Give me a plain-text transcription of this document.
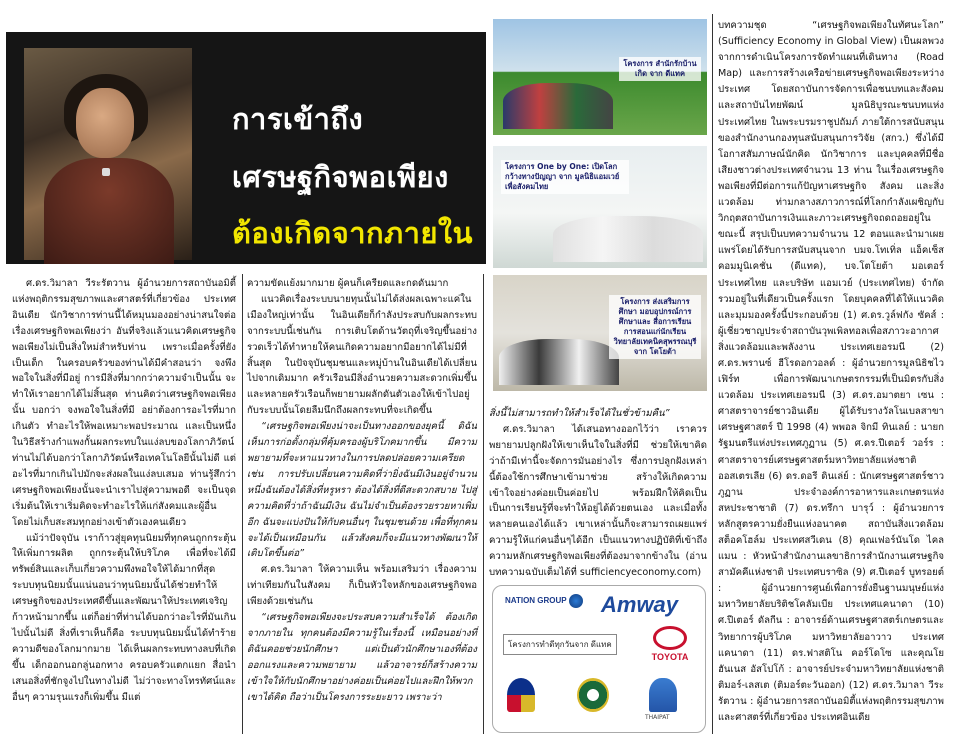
การเข้าถึง
เศรษฐกิจพอเพียง
ต้องเกิดจากภายใน
โครงการ สำนักรักบ้านเกิด จาก ดีแทค
โครงการ One by One: เปิดโลกกว้างทางปัญญา จาก มูลนิธิแอมเวย์ เพื่อสังคมไทย
โครงการ ส่งเสริมการศึกษา มอบอุปกรณ์การศึกษาและ สื่อการเรียน การสอนแก่นักเรียน วิทยาลัยเทคนิคสุพรรณบุรี จาก โตโยต้า

ศ.ดร.วิมาลา วีระรัตวาน ผู้อำนวยการสถาบันอมิตี้ แห่งพฤติกรรมสุขภาพและศาสตร์ที่เกี่ยวข้อง ประเทศอินเดีย นักวิชาการท่านนี้ได้หมุนมองอย่างน่าสนใจต่อเรื่องเศรษฐกิจพอเพียงว่า อันที่จริงแล้วแนวคิดเศรษฐกิจพอเพียงไม่เป็นสิ่งใหม่สำหรับท่าน เพราะเมื่อครั้งที่ยังเป็นเด็ก ในครอบครัวของท่านได้มีคำสอนว่า จงพึงพอใจในสิ่งที่มีอยู่ การมีสิ่งที่มากกว่าความจำเป็นนั้น จะทำให้เราอยากได้ไม่สิ้นสุด ท่านคิดว่าเศรษฐกิจพอเพียงนั้น บอกว่า จงพอใจในสิ่งที่มี อย่าต้องการอะไรที่มากเกินตัว ทำอะไรให้พอเหมาะพอประมาณ และเป็นหนึ่งในวิธีสร้างกำแพงกั้นผลกระทบในแง่ลบของโลกาภิวัตน์ ท่านไม่ได้บอกว่าโลกาภิวัตน์หรือเทคโนโลยีนั้นไม่ดี แต่อะไรที่มากเกินไปมักจะส่งผลในแง่ลบเสมอ ท่านรู้สึกว่าเศรษฐกิจพอเพียงนั้นจะนำเราไปสู่ความพอดี จะเป็นจุดเริ่มต้นให้เราเริ่มคิดจะทำอะไรให้แก่สังคมและผู้อื่น โดยไม่เก็บสะสมทุกอย่างเข้าตัวเองคนเดียว

แม้ว่าปัจจุบัน เราก้าวสู่ยุคทุนนิยมที่ทุกคนถูกกระตุ้นให้เพิ่มการผลิต ถูกกระตุ้นให้บริโภค เพื่อที่จะได้มีทรัพย์สินและเก็บเกี่ยวความพึงพอใจให้ได้มากที่สุด ระบบทุนนิยมนั้นแน่นอนว่าทุนนิยมนั้นได้ช่วยทำให้เศรษฐกิจของประเทศดีขึ้นและพัฒนาให้ประเทศเจริญก้าวหน้ามากขึ้น แต่ก็อย่าที่ท่านได้บอกว่าอะไรที่มันเกินไปนั้นไม่ดี สิ่งที่เราเห็นก็คือ ระบบทุนนิยมนั้นได้ทำร้ายความดีของโลกมากมาย ได้เห็นผลกระทบทางลบที่เกิดขึ้น เด็กออกนอกลู่นอกทาง ครอบครัวแตกแยก สื่อนำเสนอสิ่งที่ชักจูงไปในทางไม่ดี ไม่ว่าจะทางโทรทัศน์และอื่นๆ ความรุนแรงก็เพิ่มขึ้น มีแต่

ความขัดแย้งมากมาย ผู้คนก็เครียดและกดดันมาก

แนวคิดเรื่องระบบนายทุนนั้นไม่ได้ส่งผลเฉพาะแค่ในเมืองใหญ่เท่านั้น ในอินเดียก็กำลังประสบกับผลกระทบจากระบบนี้เช่นกัน การเติบโตด้านวัตถุที่เจริญขึ้นอย่างรวดเร็วได้ทำหายให้คนเกิดความอยากมีอยากได้ไม่มีที่สิ้นสุด ในปัจจุบันชุมชนและหมู่บ้านในอินเดียได้เปลี่ยนไปจากเดิมมาก ครัวเรือนมีสิ่งอำนวยความสะดวกเพิ่มขึ้น และหลายครัวเรือนก็พยายามผลักดันตัวเองให้เข้าไปอยู่กับระบบนั้นโดยลืมนึกถึงผลกระทบที่จะเกิดขึ้น

“เศรษฐกิจพอเพียงน่าจะเป็นทางออกของยุคนี้ ดิฉันเห็นการก่อตั้งกลุ่มที่คุ้มครองผู้บริโภคมากขึ้น มีความพยายามที่จะหาแนวทางในการปลดปล่อยความเครียด เช่น การปรับเปลี่ยนความคิดที่ว่ายิ่งฉันมีเงินอยู่จำนวนหนึ่งฉันต้องได้สิ่งที่หรูหรา ต้องได้สิ่งที่ดีสะดวกสบาย ไปสู่ความคิดที่ว่าถ้าฉันมีเงิน ฉันไม่จำเป็นต้องรวยรวยหาเพิ่มอีก ฉันจะแบ่งปันให้กับคนอื่นๆ ในชุมชนด้วย เพื่อที่ทุกคนจะได้เป็นเหมือนกัน แล้วสังคมก็จะมีแนวทางพัฒนาให้เติบโตขึ้นต่อ”

ศ.ดร.วิมาลา ให้ความเห็น พร้อมเสริมว่า เรื่องความเท่าเทียมกันในสังคม ก็เป็นหัวใจหลักของเศรษฐกิจพอเพียงด้วยเช่นกัน

“เศรษฐกิจพอเพียงจะประสบความสำเร็จได้ ต้องเกิดจากภายใน ทุกคนต้องมีความรู้ในเรื่องนี้ เหมือนอย่างที่ดิฉันคอยช่วยนักศึกษา แต่เป็นตัวนักศึกษาเองที่ต้องออกแรงและความพยายาม แล้วอาจารย์ก็สร้างความเข้าใจให้กับนักศึกษาอย่างค่อยเป็นค่อยไปและฝึกให้พวกเขาได้คิด ถือว่าเป็นโครงการระยะยาว เพราะว่า

สิ่งนี้ไม่สามารถทำให้สำเร็จได้ในชั่วข้ามคืน”

ศ.ดร.วิมาลา ได้เสนอทางออกไว้ว่า เราควรพยายามปลูกฝังให้เขาเห็นใจในสิ่งที่มี ช่วยให้เขาคิดว่าถ้ามีเท่านี้จะจัดการมันอย่างไร ซึ่งการปลูกฝังเหล่านี้ต้องใช้การศึกษาเข้ามาช่วย สร้างให้เกิดความเข้าใจอย่างค่อยเป็นค่อยไป พร้อมฝึกให้คิดเป็น เป็นการเรียนรู้ที่จะทำให้อยู่ได้ด้วยตนเอง และเมื่อทั้งหลายคนเองได้แล้ว เขาเหล่านั้นก็จะสามารถเผยแพร่ความรู้ให้แก่คนอื่นๆได้อีก เป็นแนวทางปฏิบัติที่เข้าถึงความหลักเศรษฐกิจพอเพียงที่ต้องมาจากข้างใน (อ่านบทความฉบับเต็มได้ที่ sufficiencyeconomy.com)

บทความชุด “เศรษฐกิจพอเพียงในทัศนะโลก” (Sufficiency Economy in Global View) เป็นผลพวงจากการดำเนินโครงการจัดทำแผนที่เดินทาง (Road Map) และการสร้างเครือข่ายเศรษฐกิจพอเพียงระหว่างประเทศ โดยสถาบันการจัดการเพื่อชนบทและสังคม และสถาบันไทยพัฒน์ มูลนิธิบูรณะชนบทแห่งประเทศไทย ในพระบรมราชูปถัมภ์ ภายใต้การสนับสนุนของสำนักงานกองทุนสนับสนุนการวิจัย (สกว.) ซึ่งได้มีโอกาสสัมภาษณ์นักคิด นักวิชาการ และบุคคลที่มีชื่อเสียงชาวต่างประเทศจำนวน 13 ท่าน ในเรื่องเศรษฐกิจพอเพียงที่มีต่อการแก้ปัญหาเศรษฐกิจ สังคม และสิ่งแวดล้อม ท่ามกลางสภาวการณ์ที่โลกกำลังเผชิญกับวิกฤตสถาบันการเงินและภาวะเศรษฐกิจถดถอยอยู่ในขณะนี้ สรุปเป็นบทความจำนวน 12 ตอนและนำมาเผยแพร่โดยได้รับการสนับสนุนจาก บมจ.โทเทิ่ล แอ็คเซ็ส คอมมูนิเคชั่น (ดีแทค), บจ.โตโยต้า มอเตอร์ ประเทศไทย และบริษัท แอมเวย์ (ประเทศไทย) จำกัด รวมอยู่ในที่เดียวเป็นครั้งแรก โดยบุคคลที่ได้ให้แนวคิดและมุมมองครั้งนี้ประกอบด้วย (1) ศ.ดร.วูล์ฟกัง ซัคส์ : ผู้เชี่ยวชาญประจำสถาบันวุพเพิลทอลเพื่อสภาวะอากาศสิ่งแวดล้อมและพลังงาน ประเทศเยอรมนี (2) ศ.ดร.พรานซ์ ฮีโรดอกวอลด์ : ผู้อำนวยการมูลนิธิชไวเฟิร์ท เพื่อการพัฒนาเกษตรกรรมที่เป็นมิตรกับสิ่งแวดล้อม ประเทศเยอรมนี (3) ศ.ดร.อมาตยา เซน : ศาสตราจารย์ชาวอินเดีย ผู้ได้รับรางวัลโนเบลสาขาเศรษฐศาสตร์ ปี 1998 (4) พพอล จิกมี ทินเลย์ : นายกรัฐมนตรีแห่งประเทศภูฏาน (5) ศ.ดร.ปีเตอร์ วอร์ร : ศาสตราจารย์เศรษฐศาสตร์มหาวิทยาลัยแห่งชาติออสเตรเลีย (6) ดร.ดอรี ดินเล่ย์ : นักเศรษฐศาสตร์ชาวภูฏาน ประจำองค์การอาหารและเกษตรแห่งสหประชาชาติ (7) ดร.ทรึกา บารุว์ : ผู้อำนวยการหลักสูตรความยั่งยืนแห่งอนาคต สถาบันสิ่งแวดล้อมสต็อคโฮล์ม ประเทศสวีเดน (8) คุณเฟอร์นันโด ไคลแมน : หัวหน้าสำนักงานเลขาธิการสำนักงานเศรษฐกิจสามัคคีแห่งชาติ ประเทศบราซิล (9) ศ.ปีเตอร์ บูทรอยต์ : ผู้อำนวยการศูนย์เพื่อการยั่งยืนฐานมนุษย์แห่งมหาวิทยาลัยบริติชโคลัมเบีย ประเทศแคนาดา (10) ศ.ปีเตอร์ ดัลกีน : อาจารย์ด้านเศรษฐศาสตร์เกษตรและวิทยาการผู้บริโภค มหาวิทยาลัยอาวาว ประเทศแคนาดา (11) ดร.ฟาสติโน คอร์โดโซ และคุณโยฮันเนส อัสโปโก้ : อาจารย์ประจำมหาวิทยาลัยแห่งชาติติมอร์-เลสเต (ติมอร์ตะวันออก) (12) ศ.ดร.วิมาลา วีระรัตวาน : ผู้อำนวยการสถาบันอมิตี้แห่งพฤติกรรมสุขภาพและศาสตร์ที่เกี่ยวข้อง ประเทศอินเดีย

NATION GROUP	Amway
โครงการทำดีทุกวันจาก ดีแทค
TOYOTA
THAIPAT
